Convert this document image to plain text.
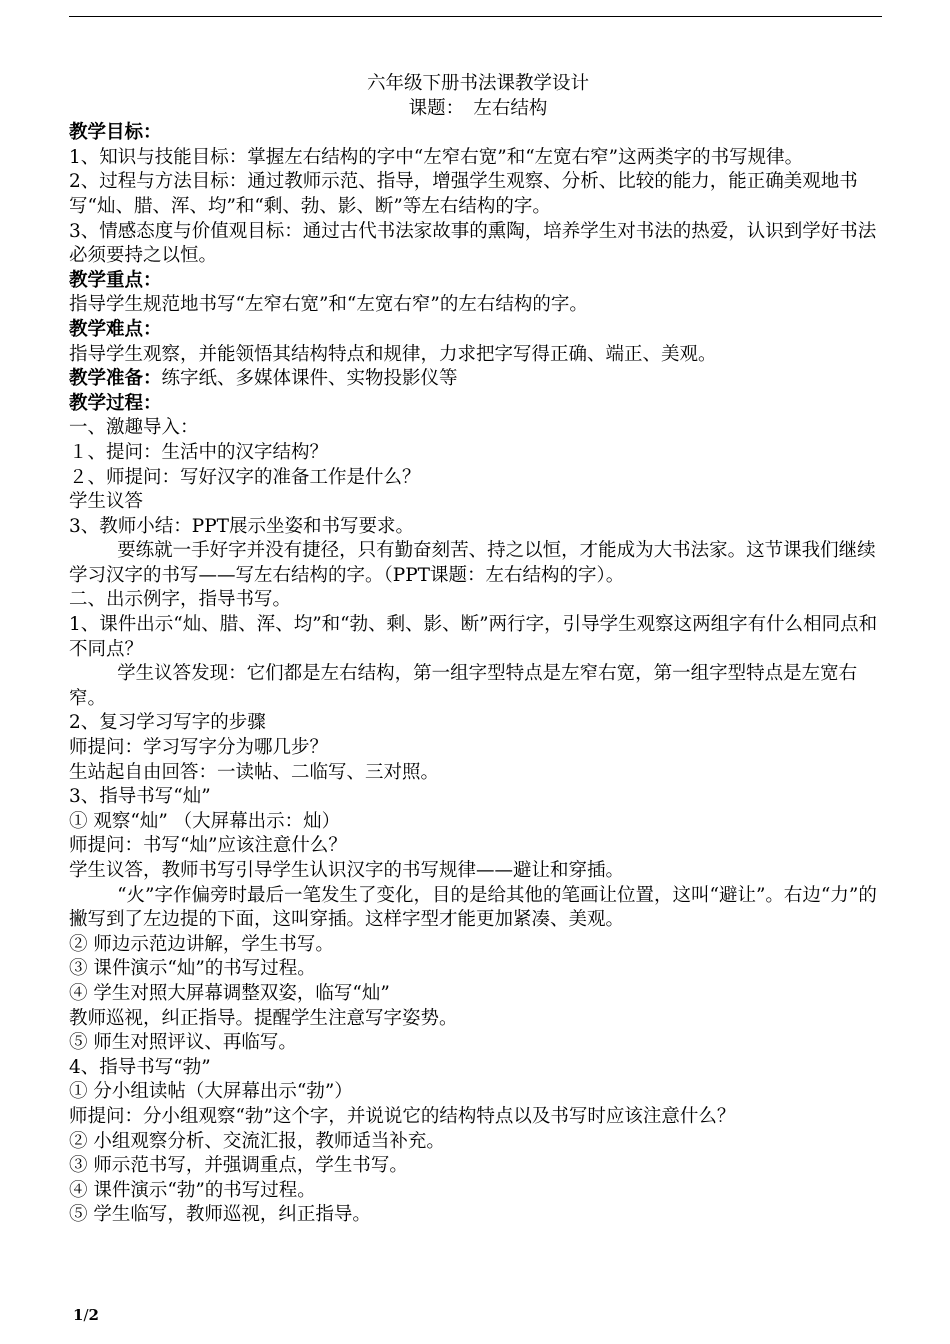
六年级下册书法课教学设计

课题：　左右结构

教学目标：

1、知识与技能目标：掌握左右结构的字中“左窄右宽”和“左宽右窄”这两类字的书写规律。

2、过程与方法目标：通过教师示范、指导，增强学生观察、分析、比较的能力，能正确美观地书写“灿、腊、浑、均”和“剩、勃、影、断”等左右结构的字。

3、情感态度与价值观目标：通过古代书法家故事的熏陶，培养学生对书法的热爱，认识到学好书法必须要持之以恒。

教学重点：

指导学生规范地书写“左窄右宽”和“左宽右窄”的左右结构的字。

教学难点：

指导学生观察，并能领悟其结构特点和规律，力求把字写得正确、端正、美观。

教学准备：练字纸、多媒体课件、实物投影仪等

教学过程：

一、激趣导入：

１、提问：生活中的汉字结构？

２、师提问：写好汉字的准备工作是什么？

学生议答

3、教师小结：PPT展示坐姿和书写要求。

要练就一手好字并没有捷径，只有勤奋刻苦、持之以恒，才能成为大书法家。这节课我们继续学习汉字的书写——写左右结构的字。（PPT课题：左右结构的字）。

二、出示例字，指导书写。

1、课件出示“灿、腊、浑、均”和“勃、剩、影、断”两行字，引导学生观察这两组字有什么相同点和不同点？

学生议答发现：它们都是左右结构，第一组字型特点是左窄右宽，第一组字型特点是左宽右窄。

2、复习学习写字的步骤

师提问：学习写字分为哪几步？

生站起自由回答：一读帖、二临写、三对照。

3、指导书写“灿”

① 观察“灿” （大屏幕出示：灿）

师提问：书写“灿”应该注意什么？

学生议答，教师书写引导学生认识汉字的书写规律——避让和穿插。

“火”字作偏旁时最后一笔发生了变化，目的是给其他的笔画让位置，这叫“避让”。右边“力”的撇写到了左边提的下面，这叫穿插。这样字型才能更加紧凑、美观。

② 师边示范边讲解，学生书写。

③ 课件演示“灿”的书写过程。

④ 学生对照大屏幕调整双姿，临写“灿”

教师巡视，纠正指导。提醒学生注意写字姿势。

⑤ 师生对照评议、再临写。

4、指导书写“勃”

① 分小组读帖（大屏幕出示“勃”）

师提问：分小组观察“勃”这个字，并说说它的结构特点以及书写时应该注意什么？

② 小组观察分析、交流汇报，教师适当补充。

③ 师示范书写，并强调重点，学生书写。

④ 课件演示“勃”的书写过程。

⑤ 学生临写，教师巡视，纠正指导。

1/2
